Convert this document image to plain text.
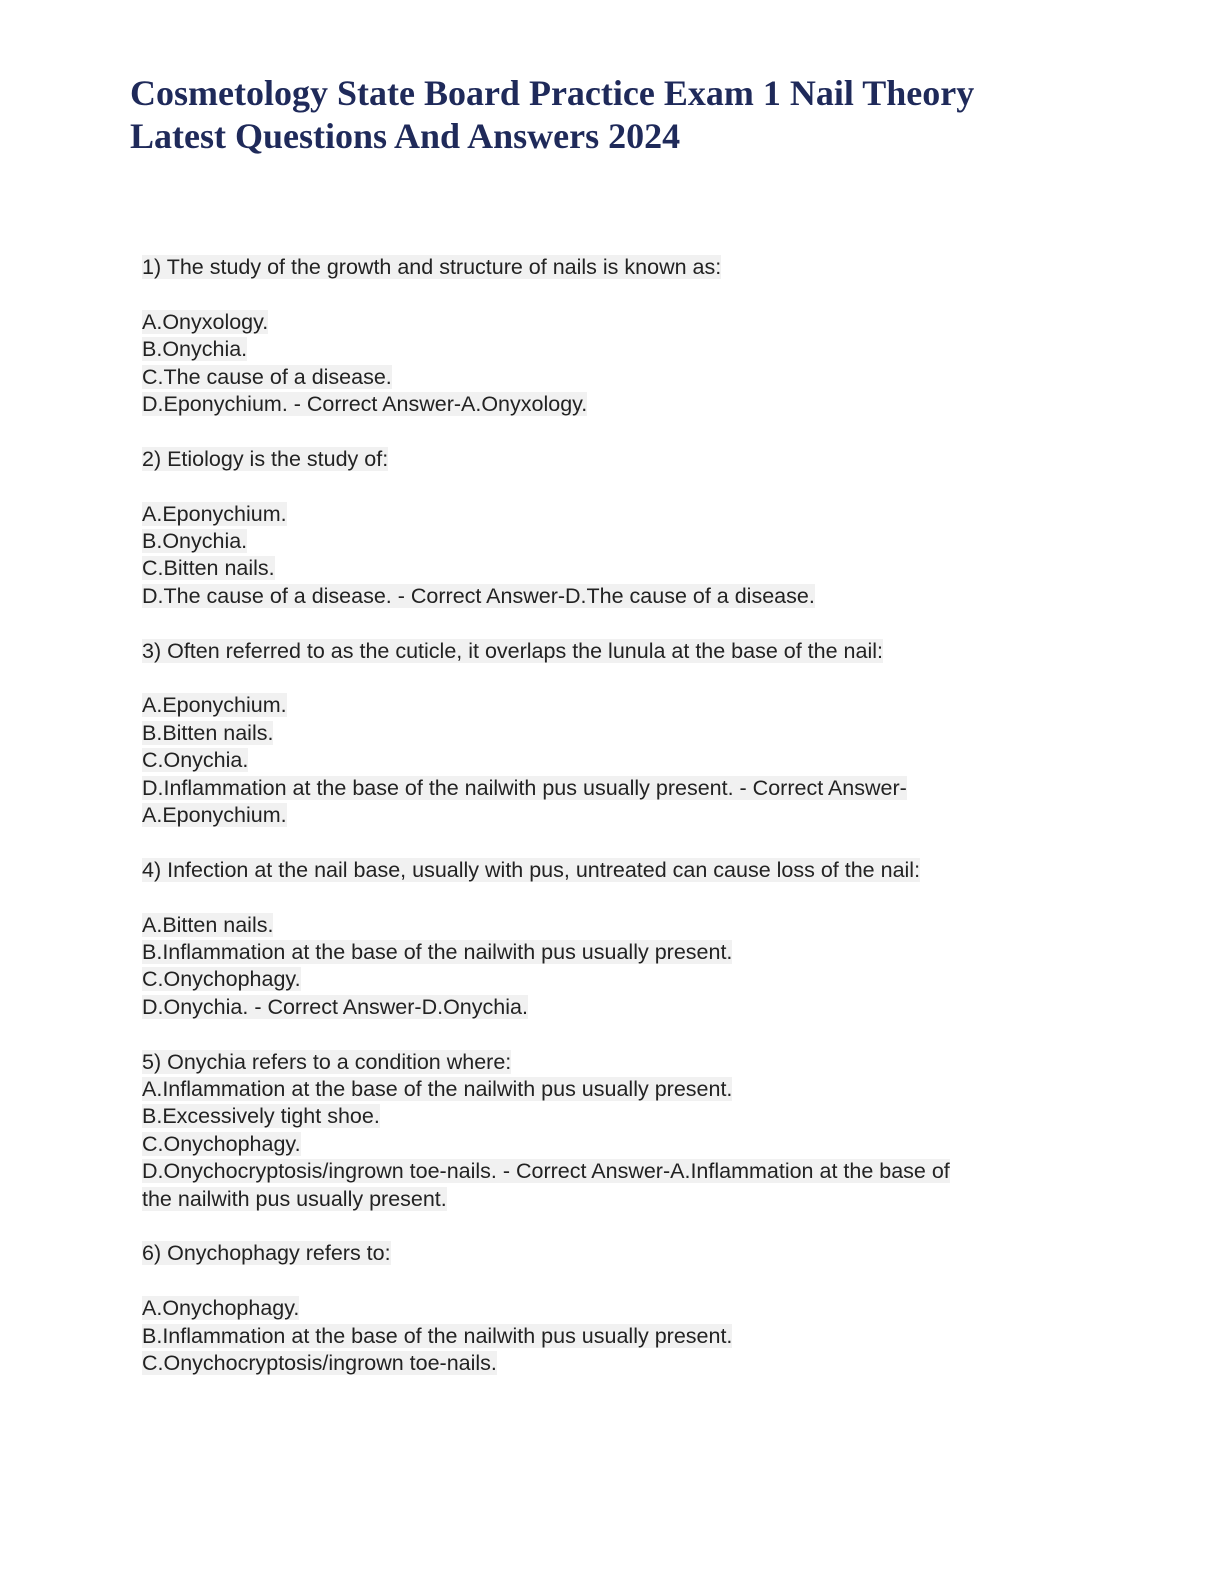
Cosmetology State Board Practice Exam 1 Nail Theory
Latest Questions And Answers 2024
1) The study of the growth and structure of nails is known as:
A.Onyxology.
B.Onychia.
C.The cause of a disease.
D.Eponychium. - Correct Answer-A.Onyxology.
2) Etiology is the study of:
A.Eponychium.
B.Onychia.
C.Bitten nails.
D.The cause of a disease. - Correct Answer-D.The cause of a disease.
3) Often referred to as the cuticle, it overlaps the lunula at the base of the nail:
A.Eponychium.
B.Bitten nails.
C.Onychia.
D.Inflammation at the base of the nailwith pus usually present. - Correct Answer-
A.Eponychium.
4) Infection at the nail base, usually with pus, untreated can cause loss of the nail:
A.Bitten nails.
B.Inflammation at the base of the nailwith pus usually present.
C.Onychophagy.
D.Onychia. - Correct Answer-D.Onychia.
5) Onychia refers to a condition where:
A.Inflammation at the base of the nailwith pus usually present.
B.Excessively tight shoe.
C.Onychophagy.
D.Onychocryptosis/ingrown toe-nails. - Correct Answer-A.Inflammation at the base of
the nailwith pus usually present.
6) Onychophagy refers to:
A.Onychophagy.
B.Inflammation at the base of the nailwith pus usually present.
C.Onychocryptosis/ingrown toe-nails.
